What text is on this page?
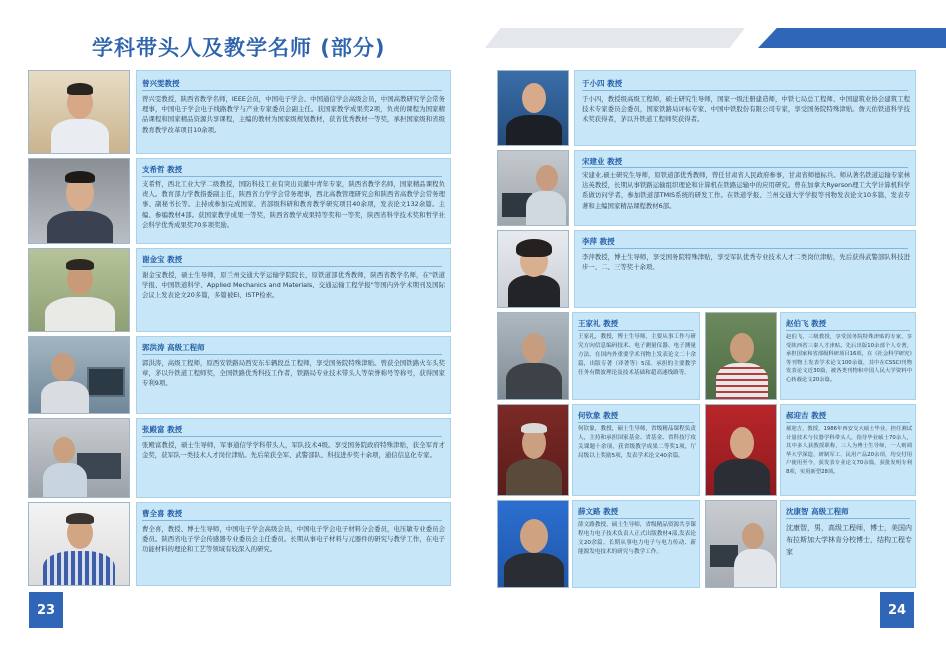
学科带头人及教学名师 (部分)
曾兴雯教授
曾兴雯教授，陕西省教学名师，IEEE会员，中国电子学会、中国通信学会高级会员，中国高教研究学会常务理事，中国电子学会电子线路教学与产业专家委员会副主任。获国家教学成果奖2项，负责的课程为国家精品课程和国家精品资源共享课程，主编的教材为国家级规划教材，获省优秀教材一等奖，承担国家级和省级教育教学改革项目10余项。
支希哲 教授
支希哲，西北工业大学二级教授，国防科技工业有突出贡献中青年专家，陕西省教学名师，国家精品课程负责人。教育部力学教指委副主任，陕西省力学学会常务理事，西北高教管理研究会和陕西省高教学会常务理事、副秘书长等。主持或参加完成国家、省部级科研和教育教学研究项目40余项，发表论文132余篇。主编、参编教材4部。获国家教学成果一等奖，陕西省教学成果特等奖和一等奖，陕西省科学技术奖和哲学社会科学优秀成果奖70多项奖励。
谢金宝 教授
谢金宝教授，硕士生导师，原兰州交通大学运输学院院长，原铁道部优秀教师，陕西省教学名师，在"铁道学报、中国铁道科学、Applied Mechanics and Materials、交通运输工程学报"等国内外学术期刊及国际会议上发表论文20多篇，多篇被EI、ISTP检索。
郭洪涛 高级工程师
郭洪涛，高级工程师，原西安铁路局西安东车辆段总工程师，享受国务院特殊津贴。曾获全国铁路火车头奖章，茅以升铁道工程师奖，全国铁路优秀科技工作者，铁路局专业技术带头人等荣誉称号等称号，获得国家专利9项。
张殿富 教授
张殿富教授，硕士生导师，军事通信学学科带头人，军队技术4级。享受国务院政府特殊津贴，获全军育才金奖，获军队一类技术人才岗位津贴。先后荣获全军、武警部队、科技进步奖十余项，通信信息化专家。
曹全喜 教授
曹全喜，教授、博士生导师，中国电子学会高级会员，中国电子学会电子材料分会委员，电压敏专业委员会委员。陕西省电子学会传感器专业委员会主任委员。长期从事电子材料与元器件的研究与教学工作，在电子功能材料的理论和工艺等领域有较深入的研究。
于小四 教授
于小四，教授级高级工程师，硕士研究生导师，国家一级注册建造师，中铁七局总工程师、中国建筑业协会建筑工程技术专家委员会委员，国家铁路局评标专家、中国中铁股份有限公司专家，享受国务院特殊津贴。詹天佑铁道科学技术奖获得者，茅以升铁道工程师奖获得者。
宋建业 教授
宋建业,硕士研究生导师，原铁道部优秀教师，曾任甘肃省人民政府参事，甘肃省师德标兵。师从著名铁道运输专家林达英教授，长期从事铁路运输组织理论和计算机在铁路运输中的应用研究。曾在加拿大Ryerson理工大学计算机科学系做访问学者，参加铁道部TMIS系统的研发工作。在铁道学报、兰州交通大学学报等刊物发表论文10多篇，发表专著和主编国家精品课程教材6部。
李萍 教授
李萍教授，博士生导师，享受国务院特殊津贴，享受军队优秀专业技术人才二类岗位津贴，先后获得武警部队科技进步一、二、三等奖十余项。
王家礼 教授
王家礼，教授，博士生导师，主要从事工作与研究方向信息编码技术、电子测量仪器、电子测量方法。在国内外重要学术刊物上发表论文二十余篇，出版专著（译著等）5部。承担的主要教学任务有微波理论及技术基础和超高速线路等。
赵伯飞 教授
赵伯飞，三级教授，享受国务院特殊津贴的专家，享受陕西省三秦人才津贴。先后出版10余部个人专著，承担国家和省部级科研项目16项，在《社会科学研究》等刊物上发表学术论文100余篇，其中在CSSCI刊物发表论文近30篇，被各类刊物和中国人民大学资料中心转载论文20余篇。
何钦象 教授
何钦象，教授，硕士生导师，省级精品课程负责人，主持和承担国家基金、省基金、省科技厅攻关课题十余项，获省级教学成果二等奖1项，厅局级以上奖励5项，发表学术论文40余篇。
郝迎吉 教授
郝迎吉，教授，1986年西安交大硕士毕业，担任测试计量技术与仪器学科带头人，指导毕业硕士70余人，其中多人获教授职称，三人为博士生导师，一人则调华大学深造，研制军工、民用产品20余项，均交付用户使用至今，获发表专业论文70余篇，获批发明专利8项，实用新型28项。
薛文路 教授
薛文路教授，硕士生导师，省级精品资源共享课程电力电子技术负责人正式出版教材4部,发表论文20余篇。长期从事电力电子与电力传动、新能源发电技术的研究与教学工作。
沈康智 高级工程师
沈康智，男，高级工程师，博士，美国内布拉斯加大学林肯分校博士，结构工程专家
23	24
